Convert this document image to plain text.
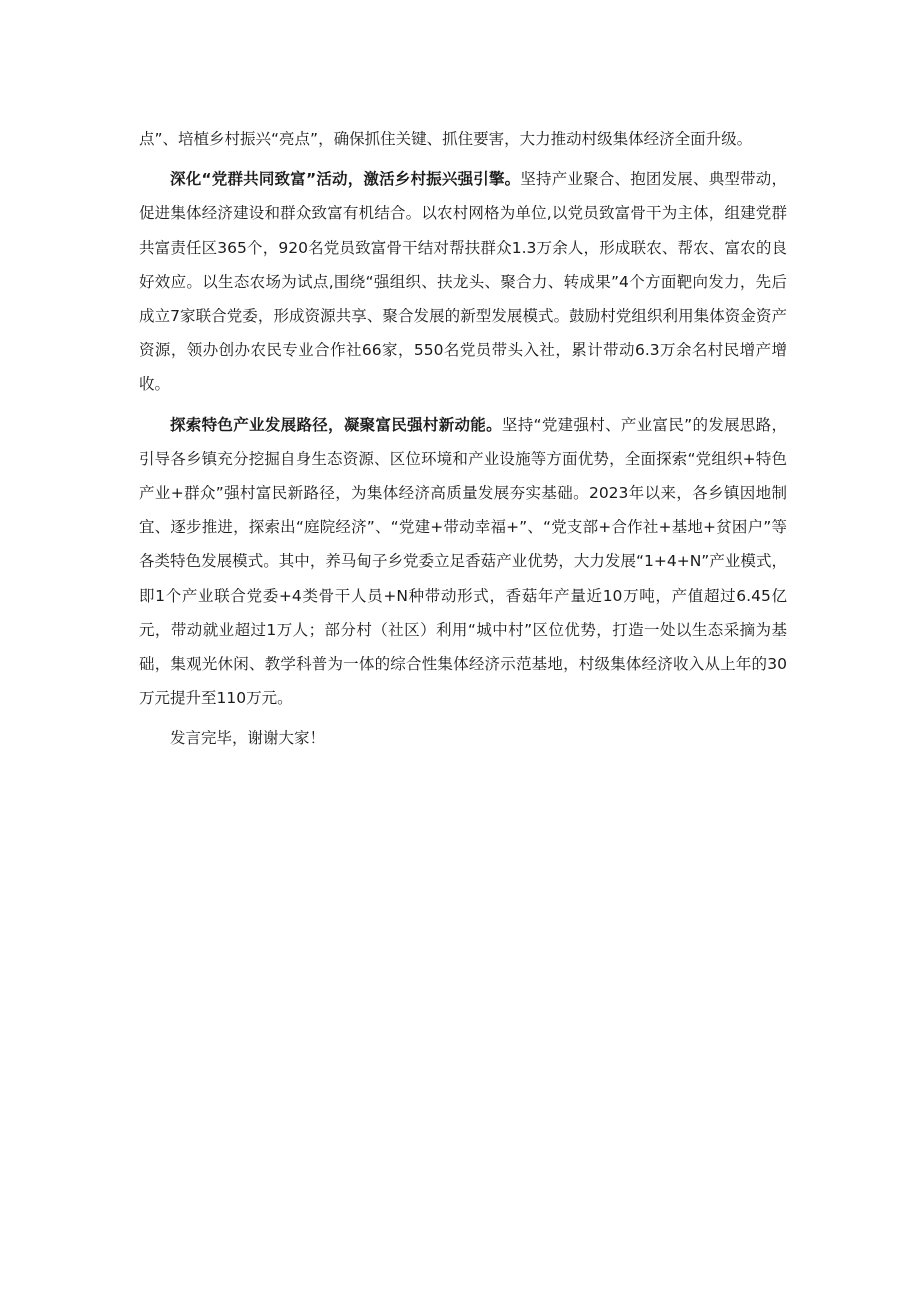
点”、培植乡村振兴“亮点”，确保抓住关键、抓住要害，大力推动村级集体经济全面升级。

深化“党群共同致富”活动，激活乡村振兴强引擎。坚持产业聚合、抱团发展、典型带动，促进集体经济建设和群众致富有机结合。以农村网格为单位,以党员致富骨干为主体，组建党群共富责任区365个，920名党员致富骨干结对帮扶群众1.3万余人，形成联农、帮农、富农的良好效应。以生态农场为试点,围绕“强组织、扶龙头、聚合力、转成果”4个方面靶向发力，先后成立7家联合党委，形成资源共享、聚合发展的新型发展模式。鼓励村党组织利用集体资金资产资源，领办创办农民专业合作社66家，550名党员带头入社，累计带动6.3万余名村民增产增收。

探索特色产业发展路径，凝聚富民强村新动能。坚持“党建强村、产业富民”的发展思路，引导各乡镇充分挖掘自身生态资源、区位环境和产业设施等方面优势，全面探索“党组织+特色产业+群众”强村富民新路径，为集体经济高质量发展夯实基础。2023年以来，各乡镇因地制宜、逐步推进，探索出“庭院经济”、“党建+带动幸福+”、“党支部+合作社+基地+贫困户”等各类特色发展模式。其中，养马甸子乡党委立足香菇产业优势，大力发展“1+4+N”产业模式，即1个产业联合党委+4类骨干人员+N种带动形式，香菇年产量近10万吨，产值超过6.45亿元，带动就业超过1万人；部分村（社区）利用“城中村”区位优势，打造一处以生态采摘为基础，集观光休闲、教学科普为一体的综合性集体经济示范基地，村级集体经济收入从上年的30万元提升至110万元。

发言完毕，谢谢大家！
